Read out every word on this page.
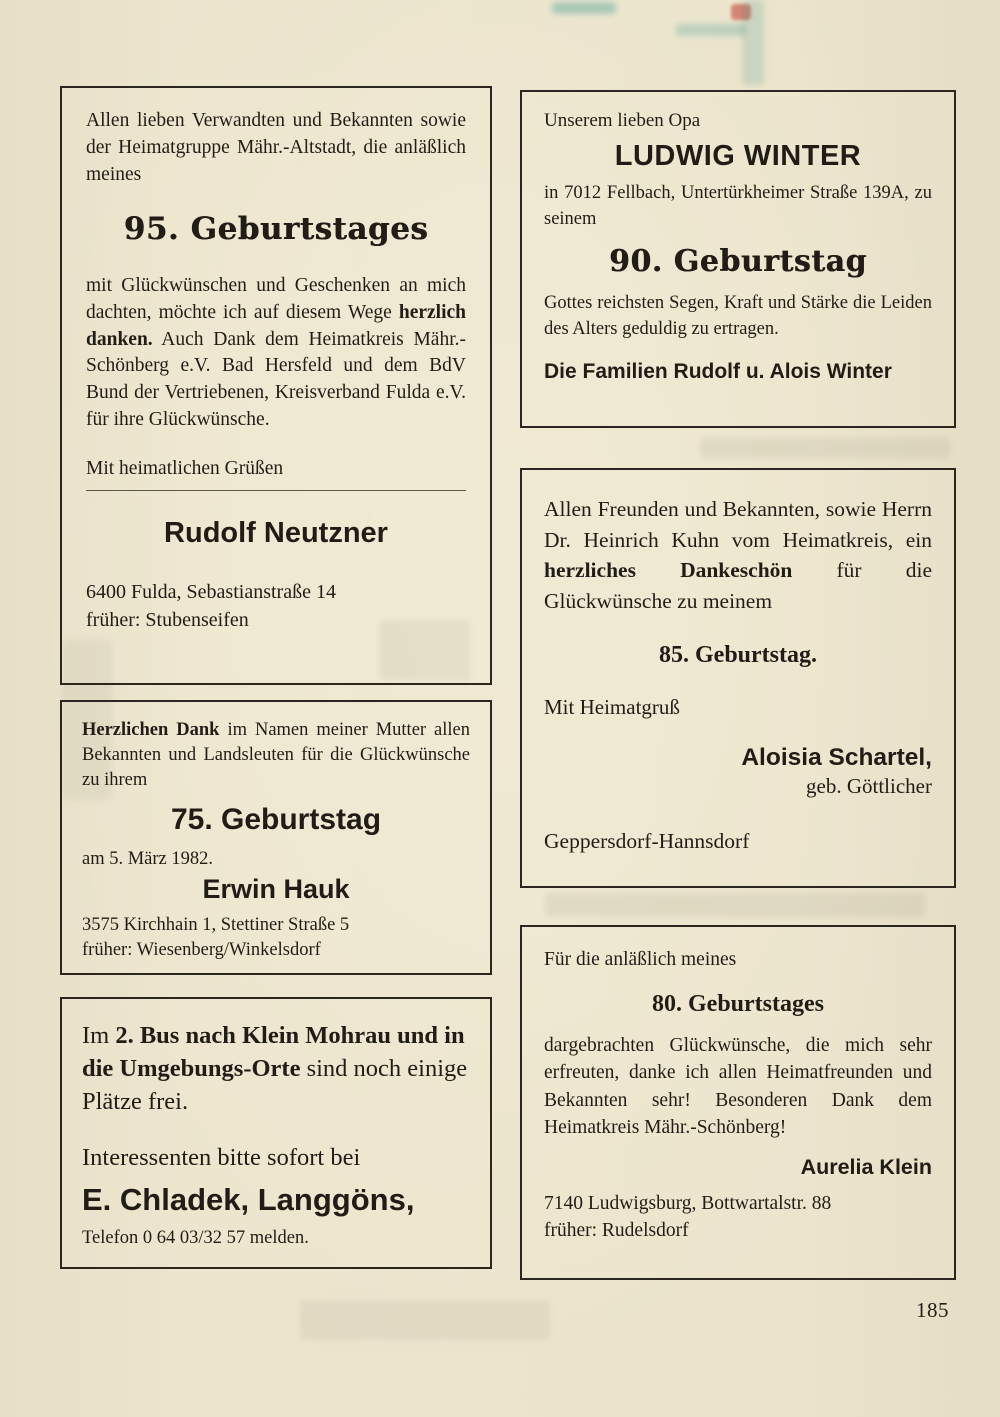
Allen lieben Verwandten und Bekannten sowie der Heimatgruppe Mähr.-Altstadt, die anläßlich meines

95. Geburtstages

mit Glückwünschen und Geschenken an mich dachten, möchte ich auf diesem Wege herzlich danken. Auch Dank dem Heimatkreis Mähr.-Schönberg e.V. Bad Hersfeld und dem BdV Bund der Vertriebenen, Kreisverband Fulda e.V. für ihre Glückwünsche.

Mit heimatlichen Grüßen

Rudolf Neutzner
6400 Fulda, Sebastianstraße 14
früher: Stubenseifen

Herzlichen Dank im Namen meiner Mutter allen Bekannten und Landsleuten für die Glückwünsche zu ihrem

75. Geburtstag

am 5. März 1982.

Erwin Hauk
3575 Kirchhain 1, Stettiner Straße 5
früher: Wiesenberg/Winkelsdorf

Im 2. Bus nach Klein Mohrau und in die Umgebungs-Orte sind noch einige Plätze frei.

Interessenten bitte sofort bei

E. Chladek, Langgöns,

Telefon 0 64 03/32 57 melden.

Unserem lieben Opa

LUDWIG WINTER

in 7012 Fellbach, Untertürkheimer Straße 139A, zu seinem

90. Geburtstag

Gottes reichsten Segen, Kraft und Stärke die Leiden des Alters geduldig zu ertragen.

Die Familien Rudolf u. Alois Winter

Allen Freunden und Bekannten, sowie Herrn Dr. Heinrich Kuhn vom Heimatkreis, ein herzliches Dankeschön für die Glückwünsche zu meinem

85. Geburtstag.

Mit Heimatgruß

Aloisia Schartel,
geb. Göttlicher

Geppersdorf-Hannsdorf

Für die anläßlich meines

80. Geburtstages

dargebrachten Glückwünsche, die mich sehr erfreuten, danke ich allen Heimatfreunden und Bekannten sehr! Besonderen Dank dem Heimatkreis Mähr.-Schönberg!

Aurelia Klein
7140 Ludwigsburg, Bottwartalstr. 88
früher: Rudelsdorf
185
